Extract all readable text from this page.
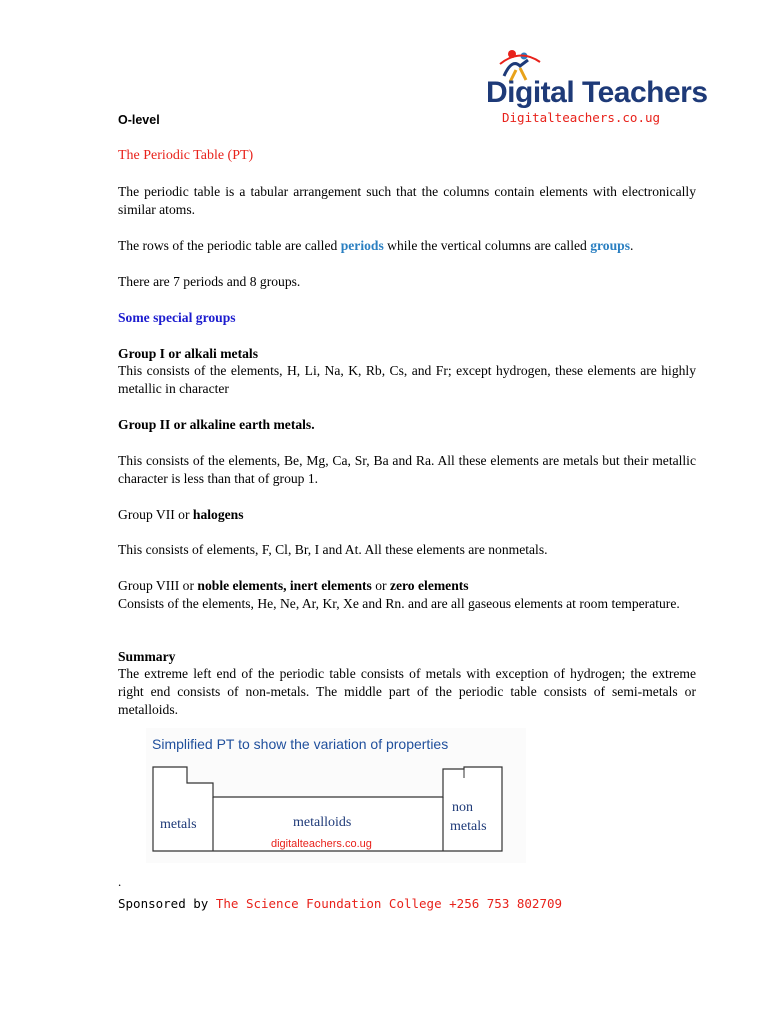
Digital Teachers
Digitalteachers.co.ug
O-level
The Periodic Table (PT)
The periodic table is a tabular arrangement such that the columns contain elements with electronically similar atoms.
The rows of the periodic table are called periods while the vertical columns are called groups.
There are 7 periods and 8 groups.
Some special groups
Group I or alkali metals
This consists of the elements, H, Li, Na, K, Rb, Cs, and Fr; except hydrogen, these elements are highly metallic in character
Group II or alkaline earth metals.
This consists of the elements, Be, Mg, Ca, Sr, Ba and Ra. All these elements are metals but their metallic character is less than that of group 1.
Group VII or halogens
This consists of elements, F, Cl, Br, I and At. All these elements are nonmetals.
Group VIII or noble elements, inert elements or zero elements
Consists of the elements, He, Ne, Ar, Kr, Xe and Rn. and are all gaseous elements at room temperature.
Summary
The extreme left end of the periodic table consists of metals with exception of hydrogen; the extreme right end consists of non-metals. The middle part of the periodic table consists of semi-metals or metalloids.
Simplified PT to show the variation of properties
metals	metalloids
non
metals
digitalteachers.co.ug
.
Sponsored by The Science Foundation College +256 753 802709
